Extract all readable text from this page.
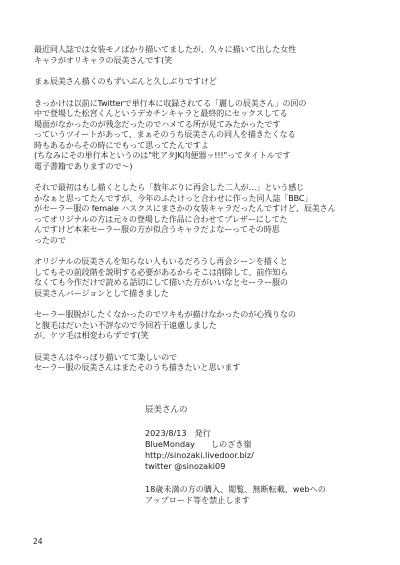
最近同人誌では女装モノばかり描いてましたが、久々に描いて出した女性
キャラがオリキャラの辰美さんです(笑
まぁ辰美さん描くのもずいぶんと久しぶりですけど
きっかけは以前にTwitterで単行本に収録されてる「麗しの辰美さん」の回の
中で登場した松宮くんというデカチンキャラと最終的にセックスしてる
場面がなかったのが残念だったのでハメてる所が見てみたかったです
っていうツイートがあって、まぁそのうち辰美さんの同人を描きたくなる
時もあるからその時にでもって思ってたんですよ
(ちなみにその単行本というのは"牝アタJK肉便器ッ!!!"ってタイトルです
電子書籍でありますので〜)
それで最初はもし描くとしたら「数年ぶりに再会した二人が…」という感じ
かなぁと思ってたんですが、今年のふたけっと合わせに作った同人誌「BBC」
がセーラー服の female ハスクスにまさかの女装キャラだったんですけど、辰美さん
ってオリジナルの方は元々の登場した作品に合わせてブレザーにしてた
んですけど本来セーラー服の方が似合うキャラだよなーってその時思
ったので
オリジナルの辰美さんを知らない人もいるだろうし再会シーンを描くと
してもその前段階を説明する必要があるからそこは削除して、前作知ら
なくても今作だけで読める話切にして描いた方がいいなとセーラー服の
辰美さんバージョンとして描きました
セーラー服脱がしたくなかったのでワキもが描けなかったのが心残りなの
と腹毛はだいたい不評なので今回若干遠慮しました
が、ケツ毛は相変わらずです(笑
辰美さんはやっぱり描いてて楽しいので
セーラー服の辰美さんはまたそのうち描きたいと思います
辰美さんの
2023/8/13　発行
BlueMonday　　しのざき嶺
http://sinozaki.livedoor.biz/
twitter @sinozaki09
18歳未満の方の購入、閲覧、無断転載、webへの
アップロード等を禁止します
24
